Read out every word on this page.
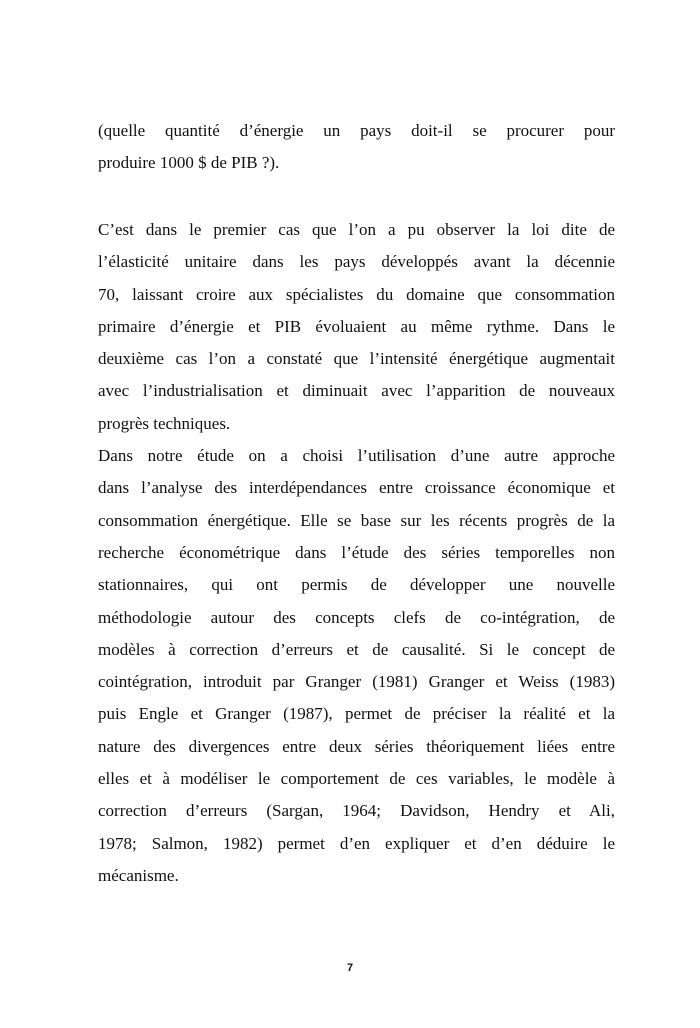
(quelle quantité d’énergie un pays doit-il se procurer pour
produire 1000 $ de PIB ?).
C’est dans le premier cas que l’on a pu observer la loi dite de
l’élasticité unitaire dans les pays développés avant la décennie
70, laissant croire aux spécialistes du domaine que consommation
primaire d’énergie et PIB évoluaient au même rythme. Dans le
deuxième cas l’on a constaté que l’intensité énergétique augmentait
avec l’industrialisation et diminuait avec l’apparition de nouveaux
progrès techniques.
Dans notre étude on a choisi l’utilisation d’une autre approche
dans l’analyse des interdépendances entre croissance économique et
consommation énergétique. Elle se base sur les récents progrès de la
recherche économétrique dans l’étude des séries temporelles non
stationnaires, qui ont permis de développer une nouvelle
méthodologie autour des concepts clefs de co-intégration, de
modèles à correction d’erreurs et de causalité. Si le concept de
cointégration, introduit par Granger (1981) Granger et Weiss (1983)
puis Engle et Granger (1987), permet de préciser la réalité et la
nature des divergences entre deux séries théoriquement liées entre
elles et à modéliser le comportement de ces variables, le modèle à
correction d’erreurs (Sargan, 1964; Davidson, Hendry et Ali,
1978; Salmon, 1982) permet d’en expliquer et d’en déduire le
mécanisme.
7
